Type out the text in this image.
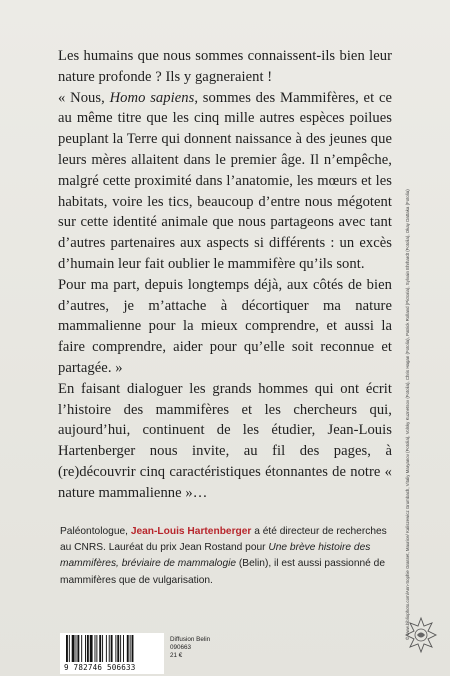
Les humains que nous sommes connaissent-ils bien leur nature profonde ? Ils y gagneraient !

« Nous, Homo sapiens, sommes des Mammifères, et ce au même titre que les cinq mille autres espèces poilues peuplant la Terre qui donnent naissance à des jeunes que leurs mères allaitent dans le premier âge. Il n’empêche, malgré cette proximité dans l’anatomie, les mœurs et les habitats, voire les tics, beaucoup d’entre nous mégotent sur cette identité animale que nous partageons avec tant d’autres partenaires aux aspects si différents : un excès d’humain leur fait oublier le mammifère qu’ils sont.

Pour ma part, depuis longtemps déjà, aux côtés de bien d’autres, je m’attache à décortiquer ma nature mammalienne pour la mieux comprendre, et aussi la faire comprendre, aider pour qu’elle soit reconnue et partagée. »

En faisant dialoguer les grands hommes qui ont écrit l’histoire des mammifères et les chercheurs qui, aujourd’hui, continuent de les étudier, Jean-Louis Hartenberger nous invite, au fil des pages, à (re)découvrir cinq caractéristiques étonnantes de notre « nature mammalienne »…

Paléontologue, Jean-Louis Hartenberger a été directeur de recherches au CNRS. Lauréat du prix Jean Rostand pour Une brève histoire des mammifères, bréviaire de mammalogie (Belin), il est aussi passionné de mammifères que de vulgarisation.
9 782746 506633
Diffusion Belin
090663
21 €
© www.bibliophoto.com/Ann-Sophie Grasset, Maurice/ Kaliszewicz Grumbach, Vitaliy Maryanov (Fotolia), Volsky Kuznetsov (Fotolia), Chris Hagan (Fotolia), Patrick Rolland (Pictoria), Sylvain Ehrhardt (Fotolia), Okay Dattaka (Fotolia)
